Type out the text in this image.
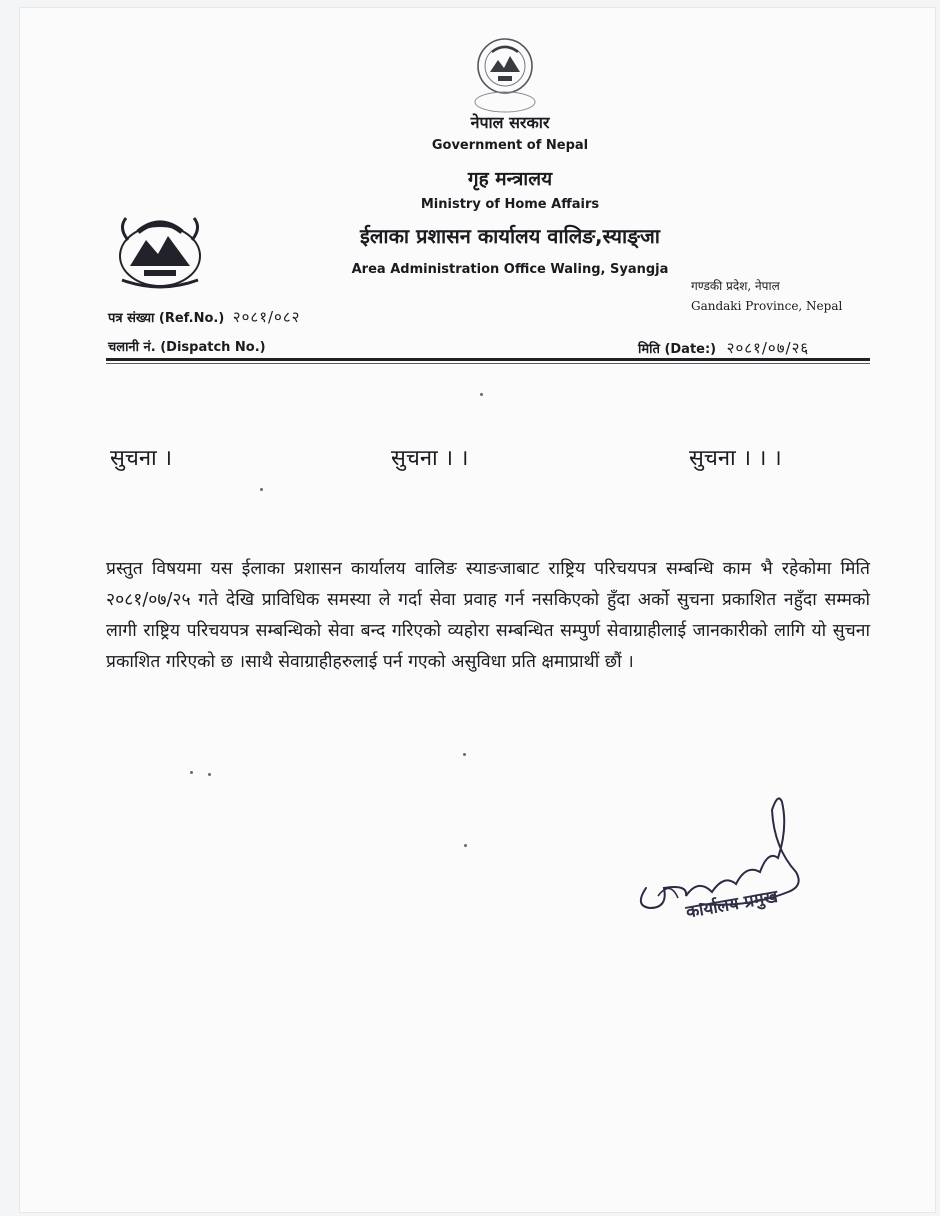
नेपाल सरकार
Government of Nepal
गृह मन्त्रालय
Ministry of Home Affairs
ईलाका प्रशासन कार्यालय वालिङ,स्याङ्जा
Area Administration Office Waling, Syangja
गण्डकी प्रदेश, नेपाल
Gandaki Province, Nepal
पत्र संख्या (Ref.No.) २०८१/०८२
चलानी नं. (Dispatch No.)	मिति (Date:) २०८१/०७/२६
सुचना ।	सुचना । ।	सुचना । । ।
प्रस्तुत विषयमा यस ईलाका प्रशासन कार्यालय वालिङ स्याङजाबाट राष्ट्रिय परिचयपत्र सम्बन्धि काम भै रहेकोमा मिति २०८१/०७/२५ गते देखि प्राविधिक समस्या ले गर्दा सेवा प्रवाह गर्न नसकिएको हुँदा अर्को सुचना प्रकाशित नहुँदा सम्मको लागी राष्ट्रिय परिचयपत्र सम्बन्धिको सेवा बन्द गरिएको व्यहोरा सम्बन्धित सम्पुर्ण सेवाग्राहीलाई जानकारीको लागि यो सुचना प्रकाशित गरिएको छ ।साथै सेवाग्राहीहरुलाई पर्न गएको असुविधा प्रति क्षमाप्राथीं छौं ।
कार्यालय प्रमुख
